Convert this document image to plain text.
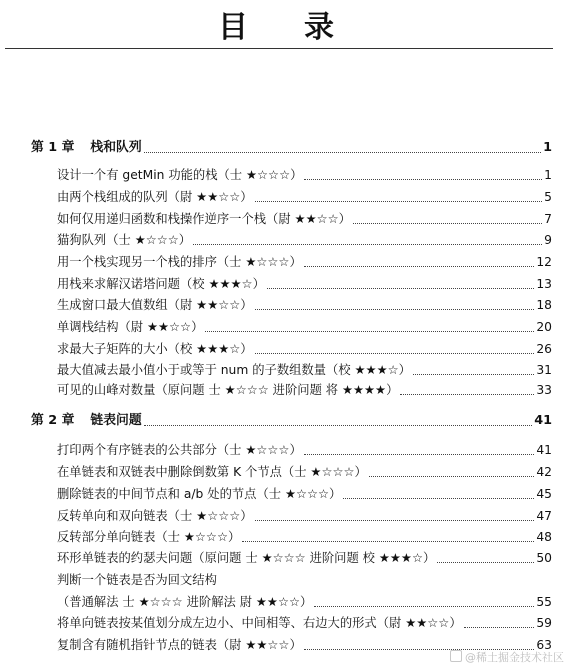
目 录
第 1 章 栈和队列	1
设计一个有 getMin 功能的栈（士 ★☆☆☆）	1
由两个栈组成的队列（尉 ★★☆☆）	5
如何仅用递归函数和栈操作逆序一个栈（尉 ★★☆☆）	7
猫狗队列（士 ★☆☆☆）	9
用一个栈实现另一个栈的排序（士 ★☆☆☆）	12
用栈来求解汉诺塔问题（校 ★★★☆）	13
生成窗口最大值数组（尉 ★★☆☆）	18
单调栈结构（尉 ★★☆☆）	20
求最大子矩阵的大小（校 ★★★☆）	26
最大值减去最小值小于或等于 num 的子数组数量（校 ★★★☆）	31
可见的山峰对数量（原问题 士 ★☆☆☆ 进阶问题 将 ★★★★）	33
第 2 章 链表问题	41
打印两个有序链表的公共部分（士 ★☆☆☆）	41
在单链表和双链表中删除倒数第 K 个节点（士 ★☆☆☆）	42
删除链表的中间节点和 a/b 处的节点（士 ★☆☆☆）	45
反转单向和双向链表（士 ★☆☆☆）	47
反转部分单向链表（士 ★☆☆☆）	48
环形单链表的约瑟夫问题（原问题 士 ★☆☆☆ 进阶问题 校 ★★★☆）	50
判断一个链表是否为回文结构
（普通解法 士 ★☆☆☆ 进阶解法 尉 ★★☆☆）	55
将单向链表按某值划分成左边小、中间相等、右边大的形式（尉 ★★☆☆）	59
复制含有随机指针节点的链表（尉 ★★☆☆）	63
@稀土掘金技术社区
